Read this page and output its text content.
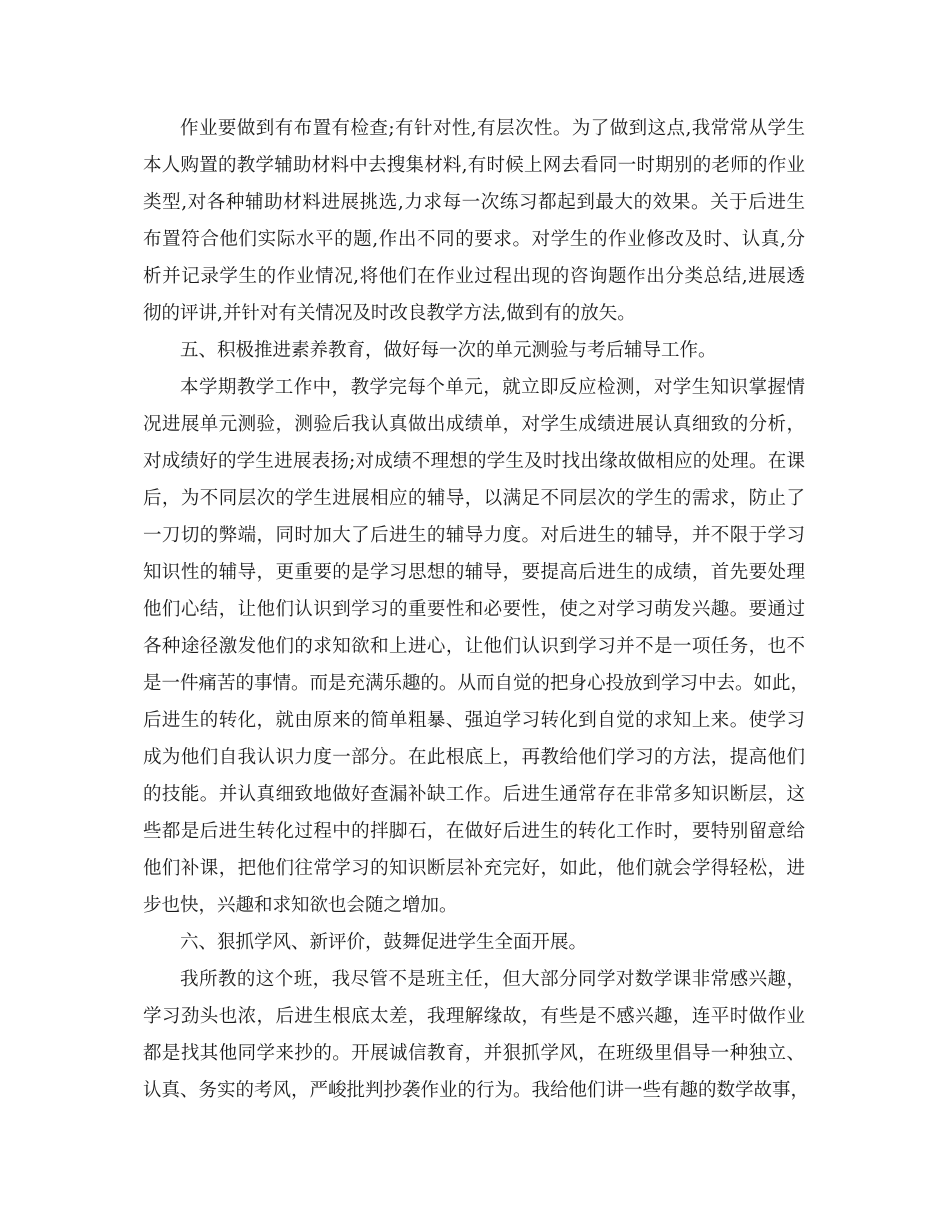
作业要做到有布置有检查;有针对性,有层次性。为了做到这点,我常常从学生
本人购置的教学辅助材料中去搜集材料,有时候上网去看同一时期别的老师的作业
类型,对各种辅助材料进展挑选,力求每一次练习都起到最大的效果。关于后进生
布置符合他们实际水平的题,作出不同的要求。对学生的作业修改及时、认真,分
析并记录学生的作业情况,将他们在作业过程出现的咨询题作出分类总结,进展透
彻的评讲,并针对有关情况及时改良教学方法,做到有的放矢。
五、积极推进素养教育，做好每一次的单元测验与考后辅导工作。
本学期教学工作中，教学完每个单元，就立即反应检测，对学生知识掌握情
况进展单元测验，测验后我认真做出成绩单，对学生成绩进展认真细致的分析，
对成绩好的学生进展表扬;对成绩不理想的学生及时找出缘故做相应的处理。在课
后，为不同层次的学生进展相应的辅导，以满足不同层次的学生的需求，防止了
一刀切的弊端，同时加大了后进生的辅导力度。对后进生的辅导，并不限于学习
知识性的辅导，更重要的是学习思想的辅导，要提高后进生的成绩，首先要处理
他们心结，让他们认识到学习的重要性和必要性，使之对学习萌发兴趣。要通过
各种途径激发他们的求知欲和上进心，让他们认识到学习并不是一项任务，也不
是一件痛苦的事情。而是充满乐趣的。从而自觉的把身心投放到学习中去。如此，
后进生的转化，就由原来的简单粗暴、强迫学习转化到自觉的求知上来。使学习
成为他们自我认识力度一部分。在此根底上，再教给他们学习的方法，提高他们
的技能。并认真细致地做好查漏补缺工作。后进生通常存在非常多知识断层，这
些都是后进生转化过程中的拌脚石，在做好后进生的转化工作时，要特别留意给
他们补课，把他们往常学习的知识断层补充完好，如此，他们就会学得轻松，进
步也快，兴趣和求知欲也会随之增加。
六、狠抓学风、新评价，鼓舞促进学生全面开展。
我所教的这个班，我尽管不是班主任，但大部分同学对数学课非常感兴趣，
学习劲头也浓，后进生根底太差，我理解缘故，有些是不感兴趣，连平时做作业
都是找其他同学来抄的。开展诚信教育，并狠抓学风，在班级里倡导一种独立、
认真、务实的考风，严峻批判抄袭作业的行为。我给他们讲一些有趣的数学故事，
